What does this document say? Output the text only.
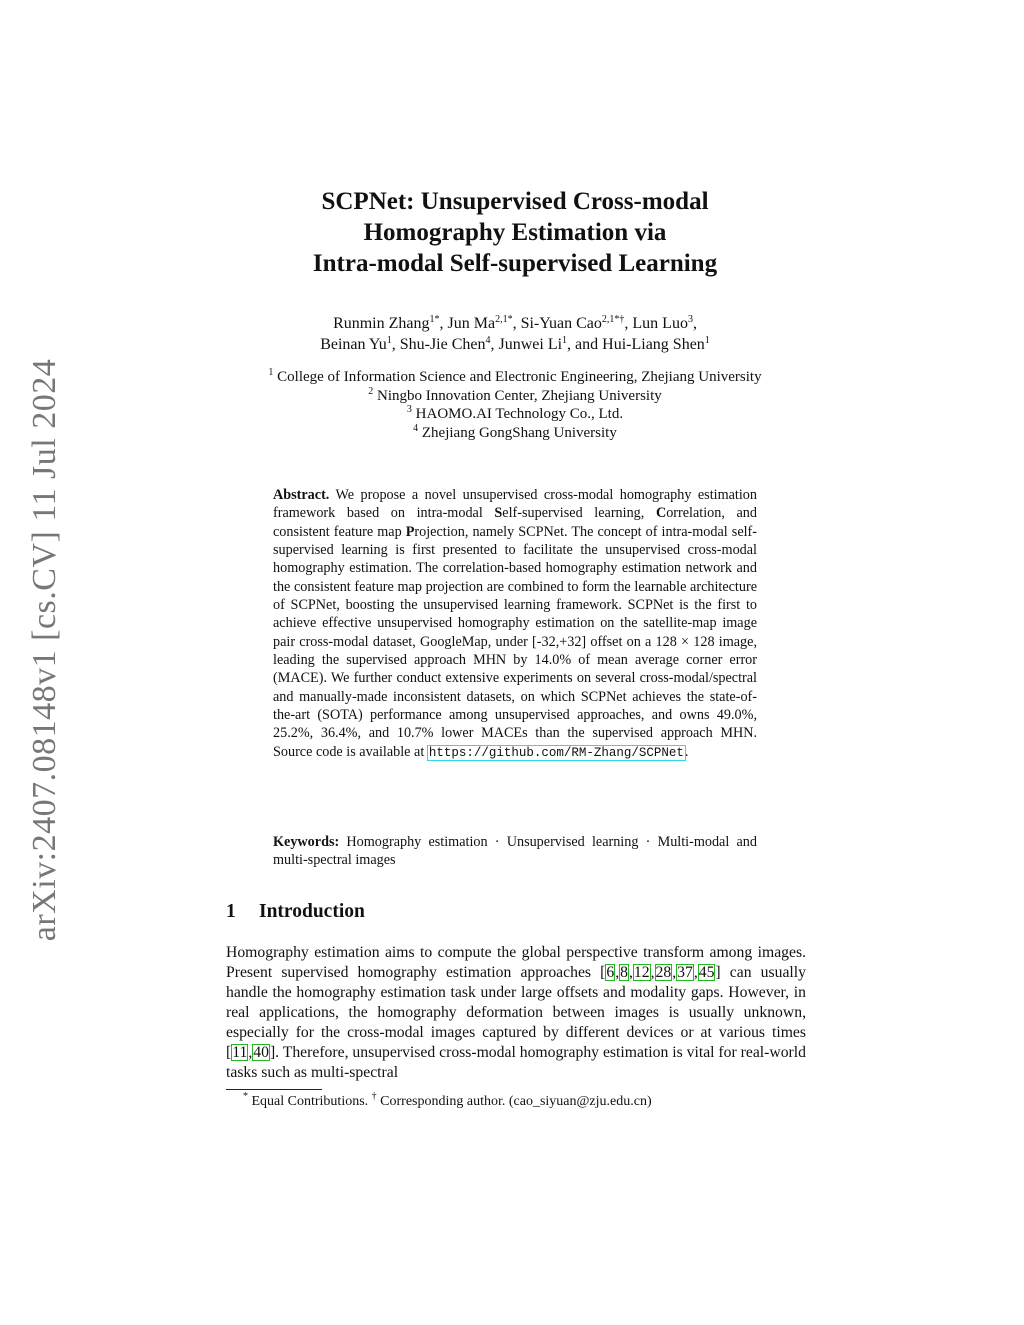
arXiv:2407.08148v1 [cs.CV] 11 Jul 2024
SCPNet: Unsupervised Cross-modal
Homography Estimation via
Intra-modal Self-supervised Learning
Runmin Zhang$^{1*}$, Jun $Ma^{2,1*}$, Si-Yuan Cao$^{2,1*\dagger}$, Lun Luo$^3$,
Beinan Yu$^1$, Shu-Jie Chen$^4$, Junwei Li$^1$, and Hui-Liang Shen$^1$
$^1$ College of Information Science and Electronic Engineering, Zhejiang University
$^2$ Ningbo Innovation Center, Zhejiang University
$^3$ HAOMO.AI Technology Co., Ltd.
$^4$ Zhejiang GongShang University
Abstract. We propose a novel unsupervised cross-modal homography estimation framework based on intra-modal Self-supervised learning, Correlation, and consistent feature map Projection, namely SCPNet. The concept of intra-modal self-supervised learning is first presented to facilitate the unsupervised cross-modal homography estimation. The correlation-based homography estimation network and the consistent feature map projection are combined to form the learnable architecture of SCPNet, boosting the unsupervised learning framework. SCPNet is the first to achieve effective unsupervised homography estimation on the satellite-map image pair cross-modal dataset, GoogleMap, under [-32,+32] offset on a 128 × 128 image, leading the supervised approach MHN by 14.0% of mean average corner error (MACE). We further conduct extensive experiments on several cross-modal/spectral and manually-made inconsistent datasets, on which SCPNet achieves the state-of-the-art (SOTA) performance among unsupervised approaches, and owns 49.0%, 25.2%, 36.4%, and 10.7% lower MACEs than the supervised approach MHN. Source code is available at https://github.com/RM-Zhang/SCPNet.
Keywords: Homography estimation · Unsupervised learning · Multi-modal and multi-spectral images
1 Introduction
Homography estimation aims to compute the global perspective transform among images. Present supervised homography estimation approaches [6,8,12,28,37,45] can usually handle the homography estimation task under large offsets and modality gaps. However, in real applications, the homography deformation between images is usually unknown, especially for the cross-modal images captured by different devices or at various times [11,40]. Therefore, unsupervised cross-modal homography estimation is vital for real-world tasks such as multi-spectral
* Equal Contributions. † Corresponding author. (cao_siyuan@zju.edu.cn)
